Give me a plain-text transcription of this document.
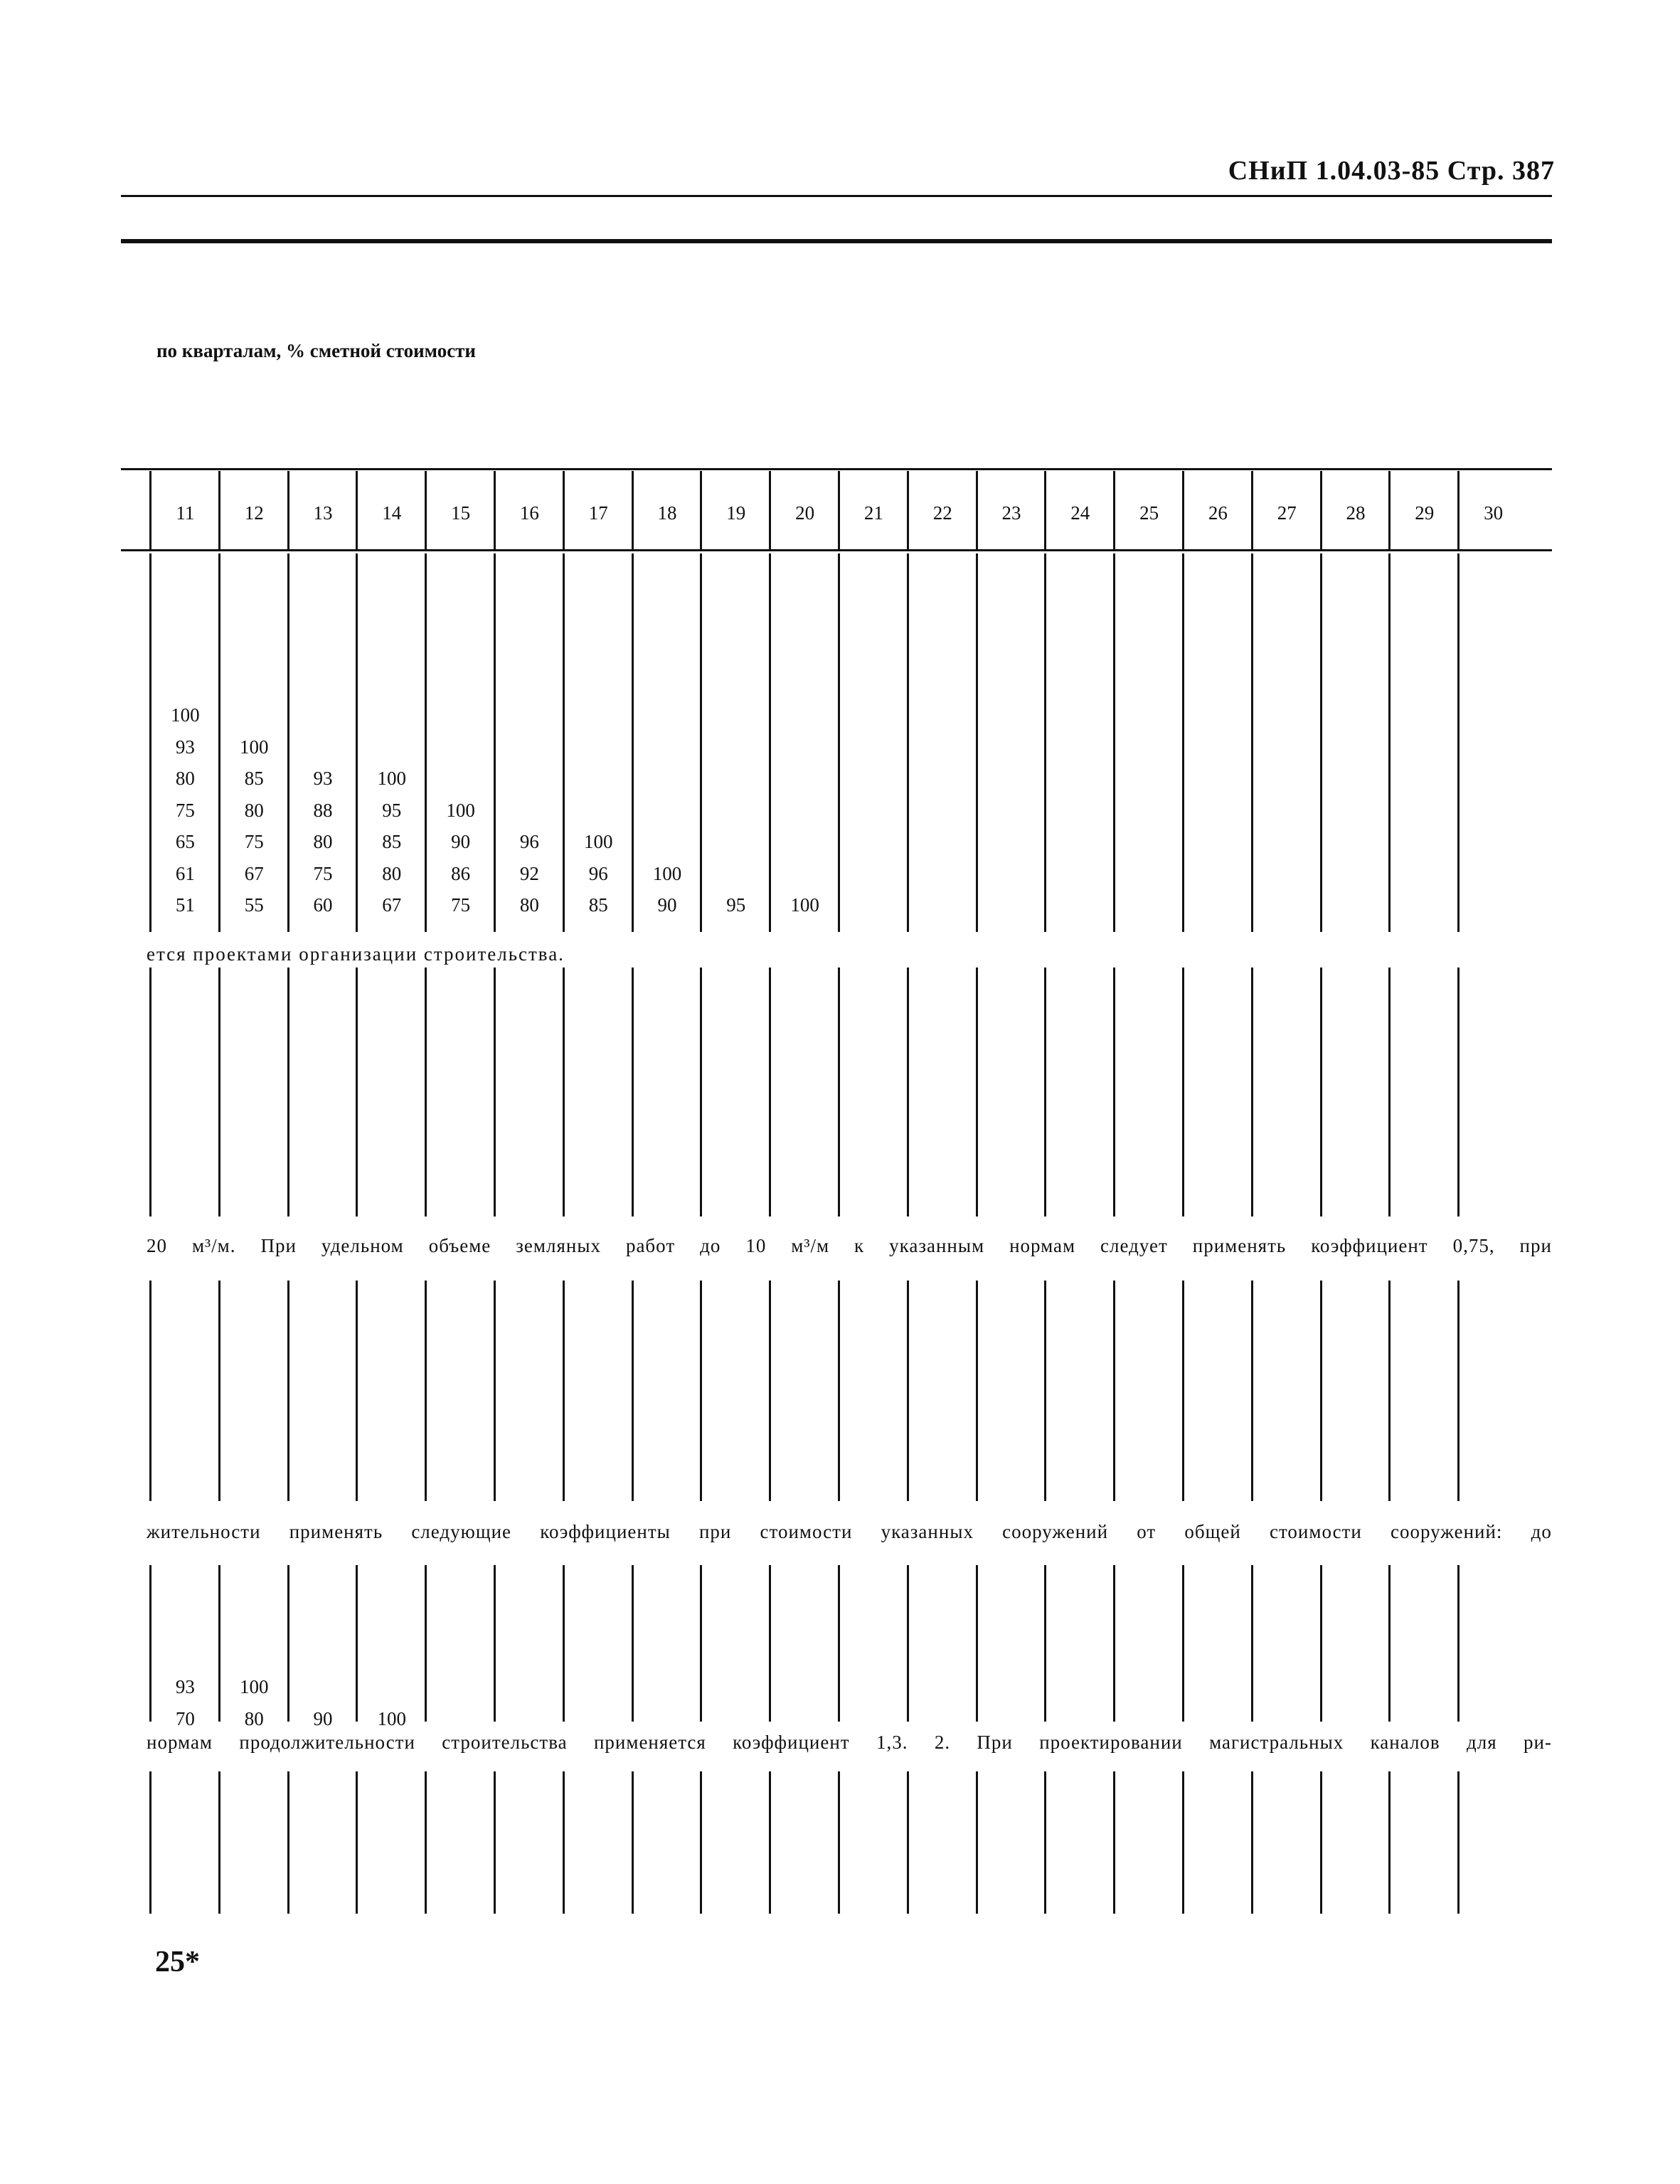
СНиП 1.04.03-85 Стр. 387
по кварталам, % сметной стоимости
11	12	13	14	15	16	17	18	19	20	21	22	23	24	25	26	27	28	29	30
100
93	100
80	85	93	100
75	80	88	95	100
65	75	80	85	90	96	100
61	67	75	80	86	92	96	100
51	55	60	67	75	80	85	90	95	100
93	100
70	80	90	100
ется проектами организации строительства.
20 м³/м. При удельном объеме земляных работ до 10 м³/м к указанным нормам следует применять коэффициент 0,75, при
жительности применять следующие коэффициенты при стоимости указанных сооружений от общей стоимости сооружений: до
нормам продолжительности строительства применяется коэффициент 1,3. 2. При проектировании магистральных каналов для ри-
25*
